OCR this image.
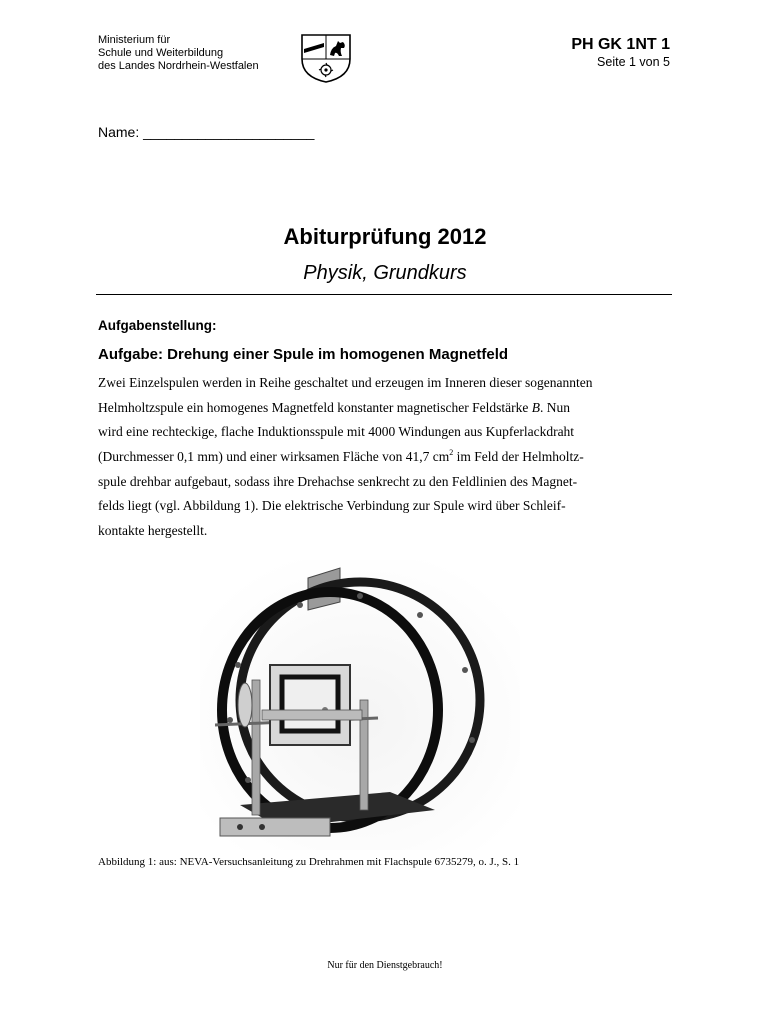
Ministerium für
Schule und Weiterbildung
des Landes Nordrhein-Westfalen
PH GK 1NT 1
Seite 1 von 5
Name: ______________________
Abiturprüfung 2012
Physik, Grundkurs
Aufgabenstellung:
Aufgabe: Drehung einer Spule im homogenen Magnetfeld
Zwei Einzelspulen werden in Reihe geschaltet und erzeugen im Inneren dieser sogenannten
Helmholtzspule ein homogenes Magnetfeld konstanter magnetischer Feldstärke B. Nun
wird eine rechteckige, flache Induktionsspule mit 4000 Windungen aus Kupferlackdraht
(Durchmesser 0,1 mm) und einer wirksamen Fläche von 41,7 $cm^2$ im Feld der Helmholtz-
spule drehbar aufgebaut, sodass ihre Drehachse senkrecht zu den Feldlinien des Magnet-
felds liegt (vgl. Abbildung 1). Die elektrische Verbindung zur Spule wird über Schleif-
kontakte hergestellt.
Abbildung 1: aus: NEVA-Versuchsanleitung zu Drehrahmen mit Flachspule 6735279, o. J., S. 1
Nur für den Dienstgebrauch!
